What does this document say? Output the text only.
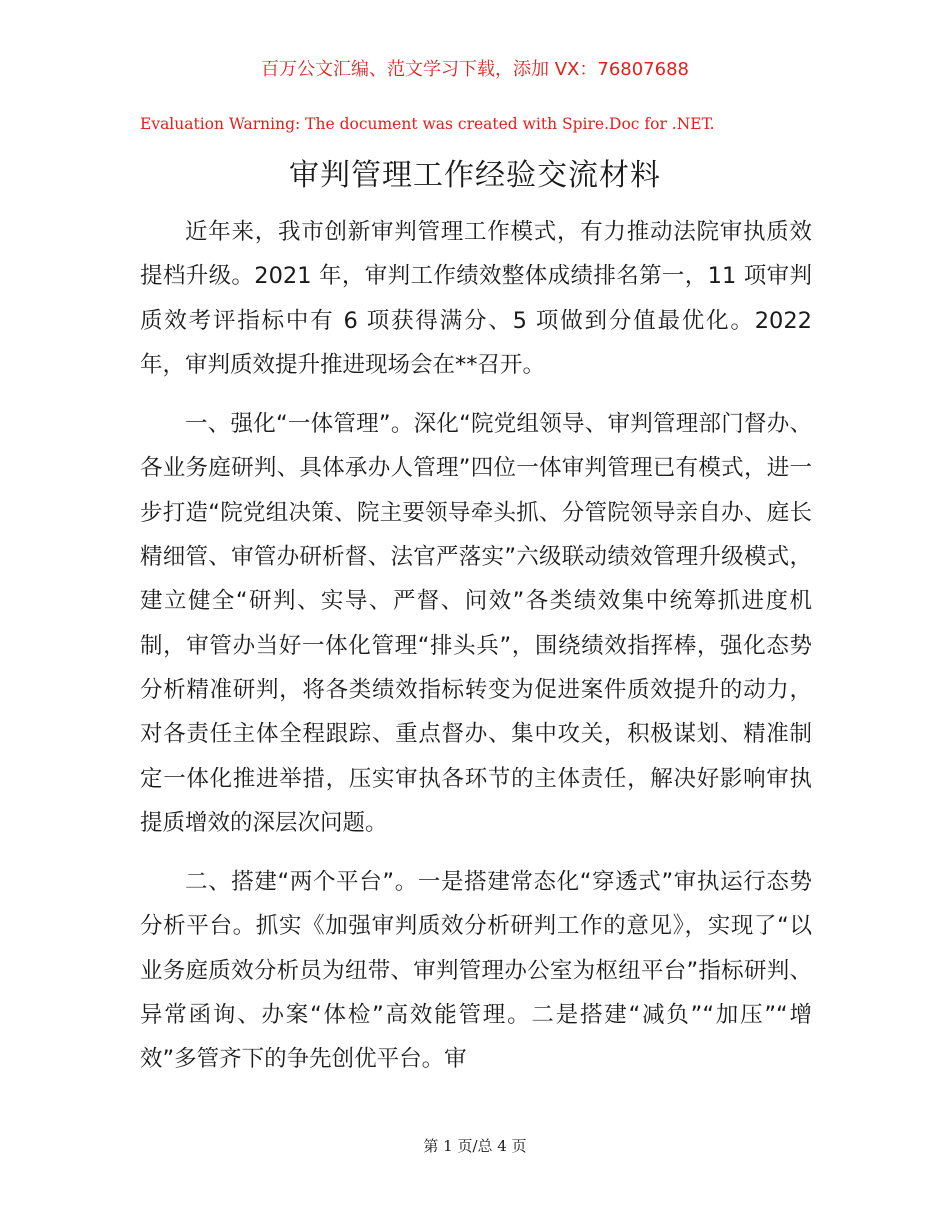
百万公文汇编、范文学习下载，添加 VX：76807688
Evaluation Warning: The document was created with Spire.Doc for .NET.
审判管理工作经验交流材料

近年来，我市创新审判管理工作模式，有力推动法院审执质效提档升级。2021 年，审判工作绩效整体成绩排名第一，11 项审判质效考评指标中有 6 项获得满分、5 项做到分值最优化。2022 年，审判质效提升推进现场会在**召开。

一、强化“一体管理”。深化“院党组领导、审判管理部门督办、各业务庭研判、具体承办人管理”四位一体审判管理已有模式，进一步打造“院党组决策、院主要领导牵头抓、分管院领导亲自办、庭长精细管、审管办研析督、法官严落实”六级联动绩效管理升级模式，建立健全“研判、实导、严督、问效”各类绩效集中统筹抓进度机制，审管办当好一体化管理“排头兵”，围绕绩效指挥棒，强化态势分析精准研判，将各类绩效指标转变为促进案件质效提升的动力，对各责任主体全程跟踪、重点督办、集中攻关，积极谋划、精准制定一体化推进举措，压实审执各环节的主体责任，解决好影响审执提质增效的深层次问题。

二、搭建“两个平台”。一是搭建常态化“穿透式”审执运行态势分析平台。抓实《加强审判质效分析研判工作的意见》，实现了“以业务庭质效分析员为纽带、审判管理办公室为枢纽平台”指标研判、异常函询、办案“体检”高效能管理。二是搭建“减负”“加压”“增效”多管齐下的争先创优平台。审

第 1 页/总 4 页
